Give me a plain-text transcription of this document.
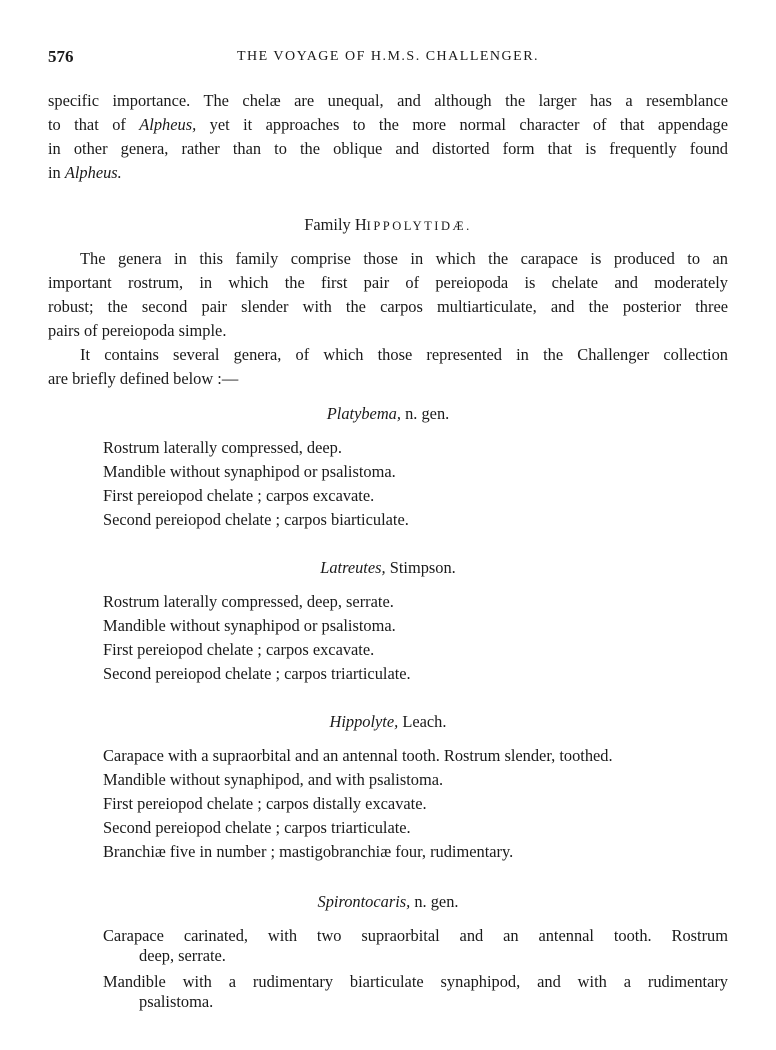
576	THE VOYAGE OF H.M.S. CHALLENGER.
specific importance. The chelæ are unequal, and although the larger has a resemblance
to that of Alpheus, yet it approaches to the more normal character of that appendage
in other genera, rather than to the oblique and distorted form that is frequently found
in Alpheus.
Family HIPPOLYTIDÆ.
The genera in this family comprise those in which the carapace is produced to an
important rostrum, in which the first pair of pereiopoda is chelate and moderately
robust; the second pair slender with the carpos multiarticulate, and the posterior three
pairs of pereiopoda simple.
It contains several genera, of which those represented in the Challenger collection
are briefly defined below :—
Platybema, n. gen.
Rostrum laterally compressed, deep.
Mandible without synaphipod or psalistoma.
First pereiopod chelate ; carpos excavate.
Second pereiopod chelate ; carpos biarticulate.
Latreutes, Stimpson.
Rostrum laterally compressed, deep, serrate.
Mandible without synaphipod or psalistoma.
First pereiopod chelate ; carpos excavate.
Second pereiopod chelate ; carpos triarticulate.
Hippolyte, Leach.
Carapace with a supraorbital and an antennal tooth. Rostrum slender, toothed.
Mandible without synaphipod, and with psalistoma.
First pereiopod chelate ; carpos distally excavate.
Second pereiopod chelate ; carpos triarticulate.
Branchiæ five in number ; mastigobranchiæ four, rudimentary.
Spirontocaris, n. gen.
Carapace carinated, with two supraorbital and an antennal tooth. Rostrum
deep, serrate.
Mandible with a rudimentary biarticulate synaphipod, and with a rudimentary
psalistoma.
